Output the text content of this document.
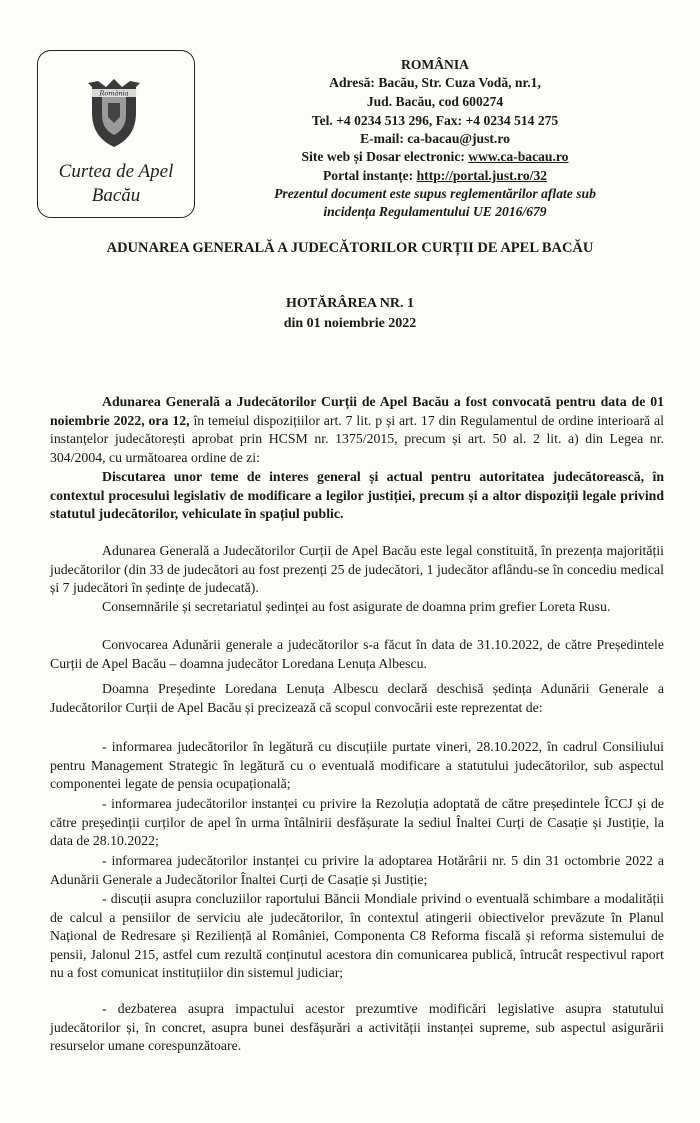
România
Curtea de Apel
Bacău
ROMÂNIA
Adresă: Bacău, Str. Cuza Vodă, nr.1,
Jud. Bacău, cod 600274
Tel. +4 0234 513 296, Fax: +4 0234 514 275
E-mail: ca-bacau@just.ro
Site web și Dosar electronic: www.ca-bacau.ro
Portal instanțe: http://portal.just.ro/32
Prezentul document este supus reglementărilor aflate sub
incidența Regulamentului UE 2016/679
ADUNAREA GENERALĂ A JUDECĂTORILOR CURȚII DE APEL BACĂU
HOTĂRÂREA NR. 1
din 01 noiembrie 2022

Adunarea Generală a Judecătorilor Curții de Apel Bacău a fost convocată pentru data de 01 noiembrie 2022, ora 12, în temeiul dispozițiilor art. 7 lit. p și art. 17 din Regulamentul de ordine interioară al instanțelor judecătorești aprobat prin HCSM nr. 1375/2015, precum și art. 50 al. 2 lit. a) din Legea nr. 304/2004, cu următoarea ordine de zi:

Discutarea unor teme de interes general și actual pentru autoritatea judecătorească, în contextul procesului legislativ de modificare a legilor justiției, precum și a altor dispoziții legale privind statutul judecătorilor, vehiculate în spațiul public.

Adunarea Generală a Judecătorilor Curții de Apel Bacău este legal constituită, în prezența majorității judecătorilor (din 33 de judecători au fost prezenți 25 de judecători, 1 judecător aflându-se în concediu medical și 7 judecători în ședințe de judecată).

Consemnările și secretariatul ședinței au fost asigurate de doamna prim grefier Loreta Rusu.

Convocarea Adunării generale a judecătorilor s-a făcut în data de 31.10.2022, de către Președintele Curții de Apel Bacău – doamna judecător Loredana Lenuța Albescu.

Doamna Președinte Loredana Lenuța Albescu declară deschisă ședința Adunării Generale a Judecătorilor Curții de Apel Bacău și precizează că scopul convocării este reprezentat de:

- informarea judecătorilor în legătură cu discuțiile purtate vineri, 28.10.2022, în cadrul Consiliului pentru Management Strategic în legătură cu o eventuală modificare a statutului judecătorilor, sub aspectul componentei legate de pensia ocupațională;

- informarea judecătorilor instanței cu privire la Rezoluția adoptată de către președintele ÎCCJ și de către președinții curților de apel în urma întâlnirii desfășurate la sediul Înaltei Curți de Casație și Justiție, la data de 28.10.2022;

- informarea judecătorilor instanței cu privire la adoptarea Hotărârii nr. 5 din 31 octombrie 2022 a Adunării Generale a Judecătorilor Înaltei Curți de Casație și Justiție;

- discuții asupra concluziilor raportului Băncii Mondiale privind o eventuală schimbare a modalității de calcul a pensiilor de serviciu ale judecătorilor, în contextul atingerii obiectivelor prevăzute în Planul Național de Redresare și Reziliență al României, Componenta C8 Reforma fiscală și reforma sistemului de pensii, Jalonul 215, astfel cum rezultă conținutul acestora din comunicarea publică, întrucât respectivul raport nu a fost comunicat instituțiilor din sistemul judiciar;

- dezbaterea asupra impactului acestor prezumtive modificări legislative asupra statutului judecătorilor și, în concret, asupra bunei desfășurări a activității instanței supreme, sub aspectul asigurării resurselor umane corespunzătoare.
